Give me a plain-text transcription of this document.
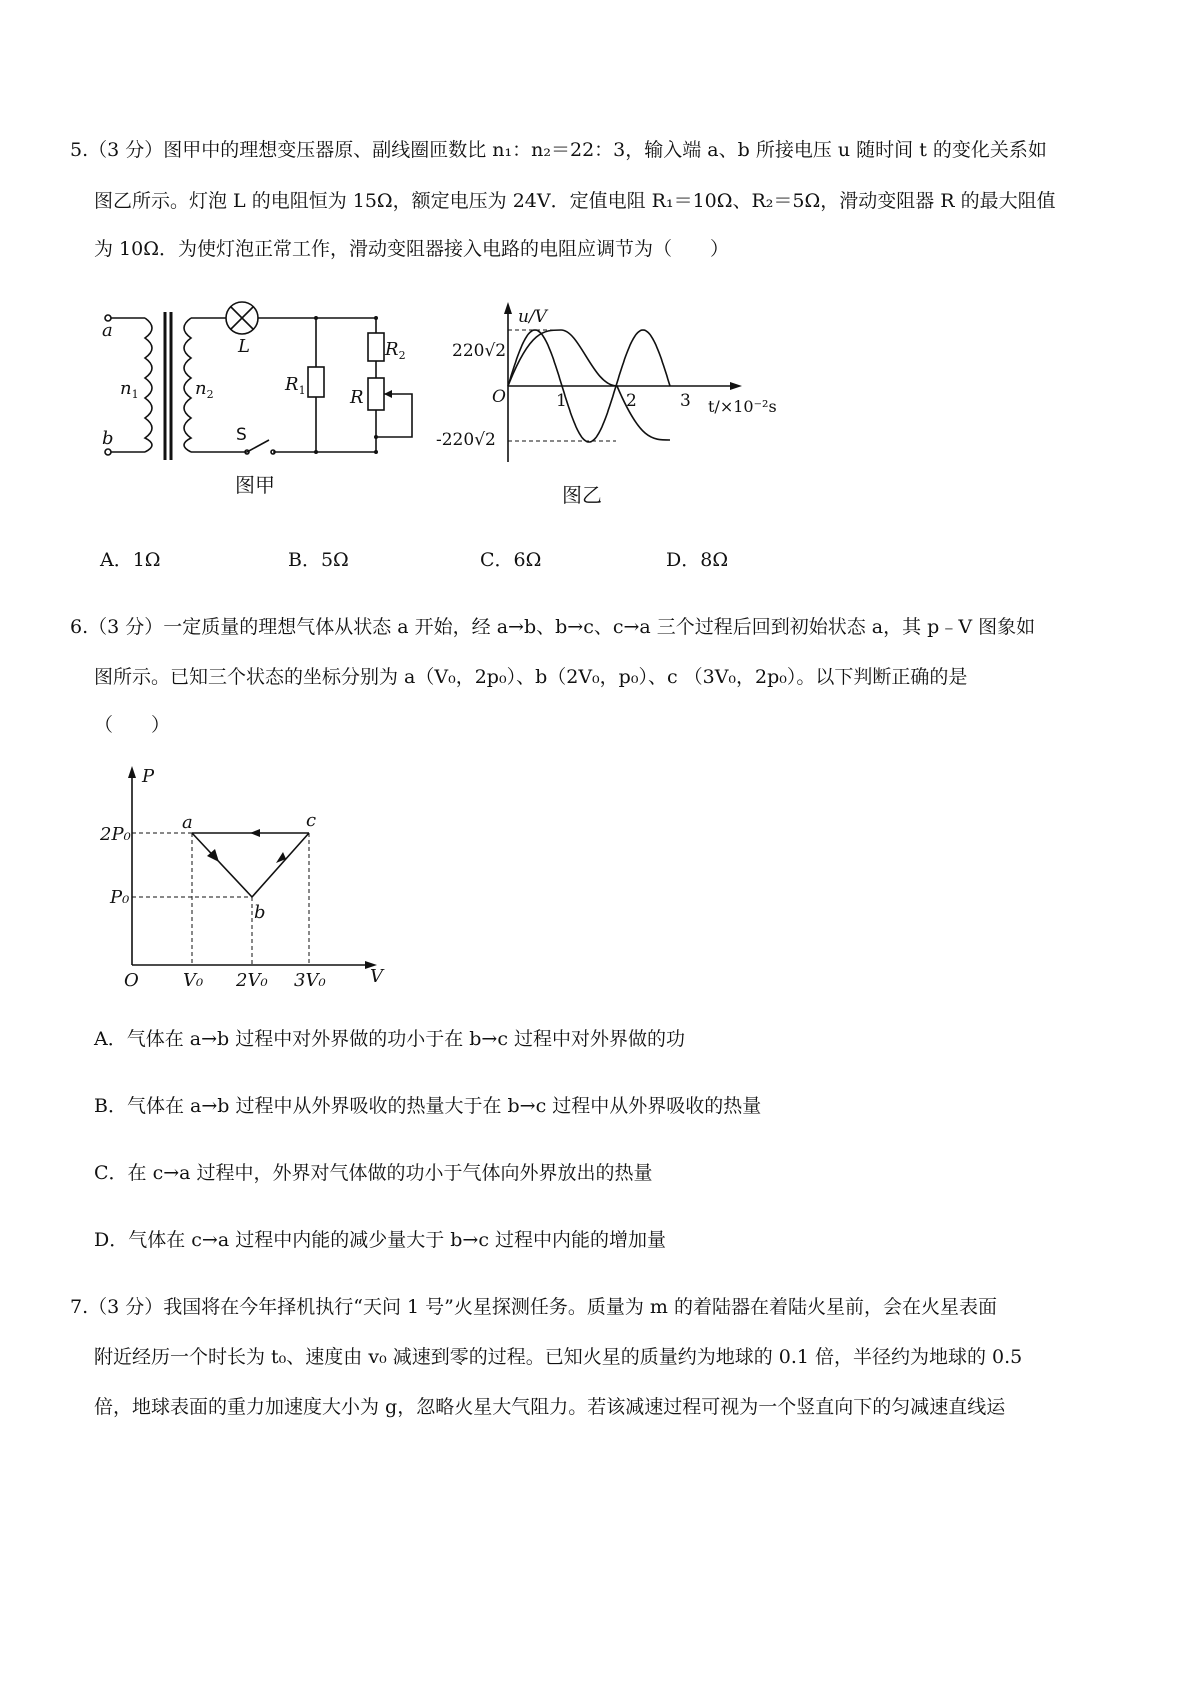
5.（3 分）图甲中的理想变压器原、副线圈匝数比 n₁：n₂＝22：3，输入端 a、b 所接电压 u 随时间 t 的变化关系如
图乙所示。灯泡 L 的电阻恒为 15Ω，额定电压为 24V．定值电阻 R₁＝10Ω、R₂＝5Ω，滑动变阻器 R 的最大阻值
为 10Ω．为使灯泡正常工作，滑动变阻器接入电路的电阻应调节为（　　）
a
b
$n_1$	$n_2$
L
$R_1$
$R_2$
R
S
图甲
u/V
220√2
-220√2
O	1	2	3 t/×10⁻²s
图乙
A．1Ω	B．5Ω	C．6Ω	D．8Ω
6.（3 分）一定质量的理想气体从状态 a 开始，经 a→b、b→c、c→a 三个过程后回到初始状态 a，其 p﹣V 图象如
图所示。已知三个状态的坐标分别为 a（V₀，2p₀）、b（2V₀，p₀）、c （3V₀，2p₀）。以下判断正确的是
（　　）
P
V
O
a
b
c
2P₀
P₀
V₀ 2V₀ 3V₀
A．气体在 a→b 过程中对外界做的功小于在 b→c 过程中对外界做的功
B．气体在 a→b 过程中从外界吸收的热量大于在 b→c 过程中从外界吸收的热量
C．在 c→a 过程中，外界对气体做的功小于气体向外界放出的热量
D．气体在 c→a 过程中内能的减少量大于 b→c 过程中内能的增加量
7.（3 分）我国将在今年择机执行“天问 1 号”火星探测任务。质量为 m 的着陆器在着陆火星前，会在火星表面
附近经历一个时长为 t₀、速度由 v₀ 减速到零的过程。已知火星的质量约为地球的 0.1 倍，半径约为地球的 0.5
倍，地球表面的重力加速度大小为 g，忽略火星大气阻力。若该减速过程可视为一个竖直向下的匀减速直线运
